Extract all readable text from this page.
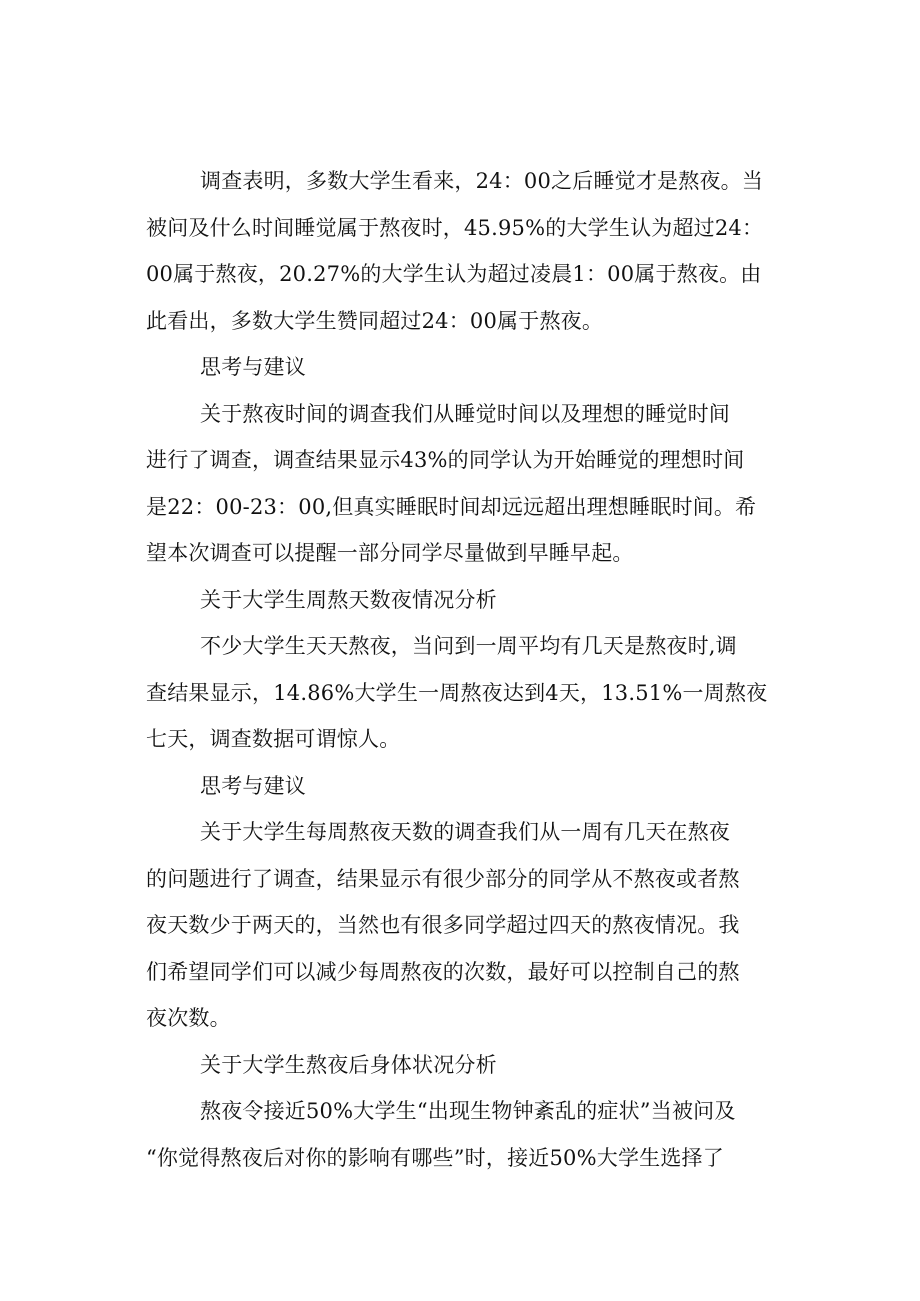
调查表明，多数大学生看来，24：00之后睡觉才是熬夜。当
被问及什么时间睡觉属于熬夜时，45.95%的大学生认为超过24：
00属于熬夜，20.27%的大学生认为超过凌晨1：00属于熬夜。由
此看出，多数大学生赞同超过24：00属于熬夜。
思考与建议
关于熬夜时间的调查我们从睡觉时间以及理想的睡觉时间
进行了调查，调查结果显示43%的同学认为开始睡觉的理想时间
是22：00-23：00,但真实睡眠时间却远远超出理想睡眠时间。希
望本次调查可以提醒一部分同学尽量做到早睡早起。
关于大学生周熬天数夜情况分析
不少大学生天天熬夜，当问到一周平均有几天是熬夜时,调
查结果显示，14.86%大学生一周熬夜达到4天，13.51%一周熬夜
七天，调查数据可谓惊人。
思考与建议
关于大学生每周熬夜天数的调查我们从一周有几天在熬夜
的问题进行了调查，结果显示有很少部分的同学从不熬夜或者熬
夜天数少于两天的，当然也有很多同学超过四天的熬夜情况。我
们希望同学们可以减少每周熬夜的次数，最好可以控制自己的熬
夜次数。
关于大学生熬夜后身体状况分析
熬夜令接近50%大学生“出现生物钟紊乱的症状”当被问及
“你觉得熬夜后对你的影响有哪些”时，接近50%大学生选择了
